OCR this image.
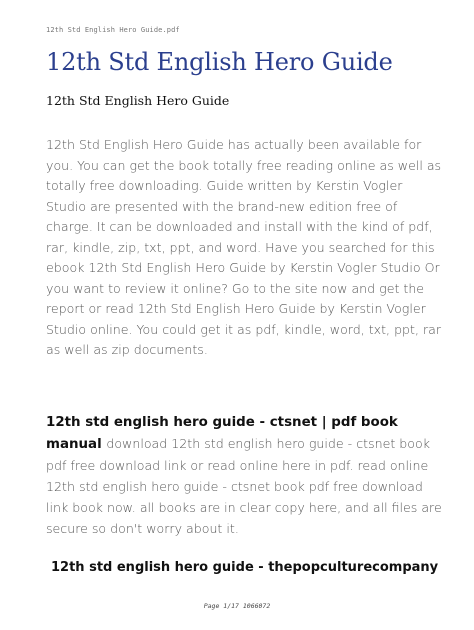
12th Std English Hero Guide.pdf
12th Std English Hero Guide
12th Std English Hero Guide
12th Std English Hero Guide has actually been available for you. You can get the book totally free reading online as well as totally free downloading. Guide written by Kerstin Vogler Studio are presented with the brand-new edition free of charge. It can be downloaded and install with the kind of pdf, rar, kindle, zip, txt, ppt, and word. Have you searched for this ebook 12th Std English Hero Guide by Kerstin Vogler Studio Or you want to review it online? Go to the site now and get the report or read 12th Std English Hero Guide by Kerstin Vogler Studio online. You could get it as pdf, kindle, word, txt, ppt, rar as well as zip documents.
12th std english hero guide - ctsnet | pdf book manual download 12th std english hero guide - ctsnet book pdf free download link or read online here in pdf. read online 12th std english hero guide - ctsnet book pdf free download link book now. all books are in clear copy here, and all files are secure so don't worry about it.
12th std english hero guide - thepopculturecompany
Page 1/17 1066072
